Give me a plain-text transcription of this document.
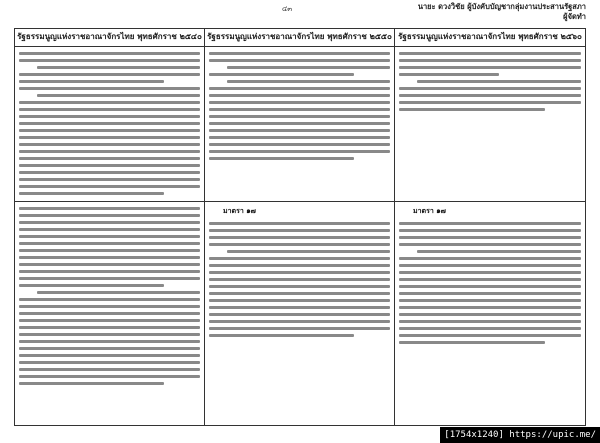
๔๓	นายะ ดวงวิชัย ผู้บังคับบัญชากลุ่มงานประสานรัฐสภา
ผู้จัดทำ
รัฐธรรมนูญแห่งราชอาณาจักรไทย พุทธศักราช ๒๕๔๐ รัฐธรรมนูญแห่งราชอาณาจักรไทย พุทธศักราช ๒๕๕๐ รัฐธรรมนูญแห่งราชอาณาจักรไทย พุทธศักราช ๒๕๖๐
มาตรา ๑๗	มาตรา ๑๗
[1754x1240] https://upic.me/
